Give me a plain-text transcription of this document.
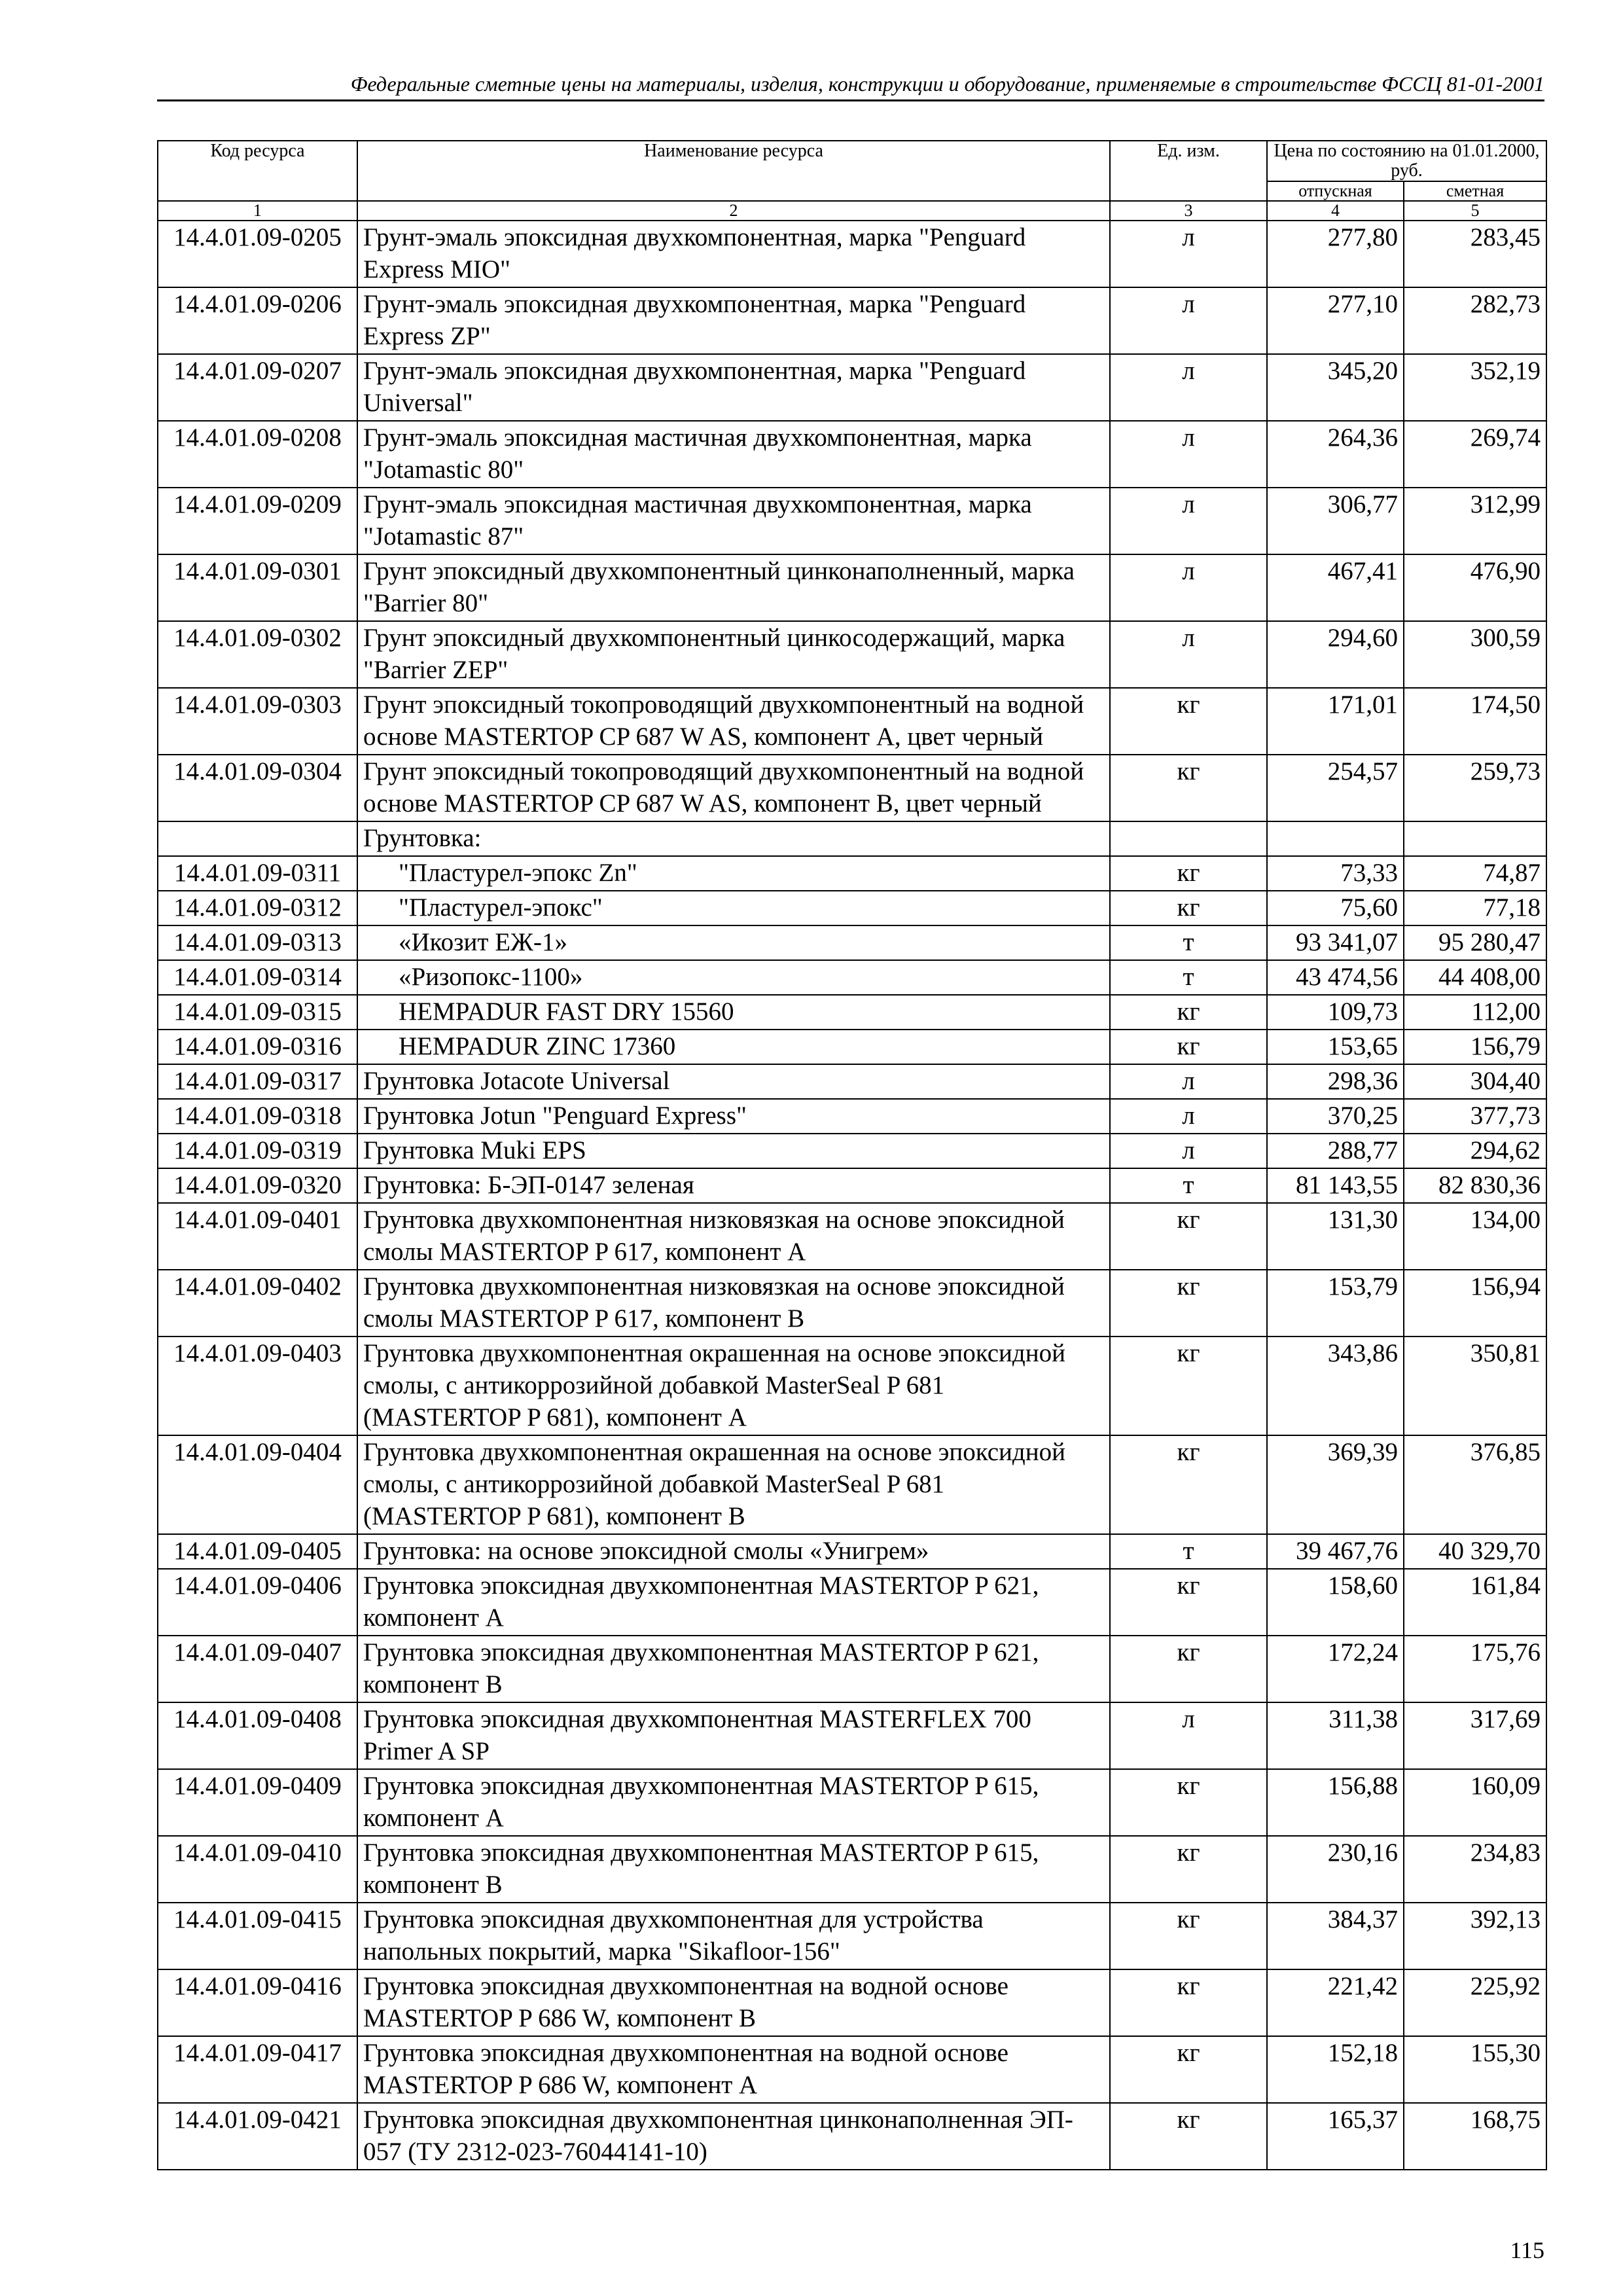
Федеральные сметные цены на материалы, изделия, конструкции и оборудование, применяемые в строительстве ФССЦ 81-01-2001
Код ресурса	Наименование ресурса	Ед. изм.	Цена по состоянию на 01.01.2000, руб.	
			отпускная	сметная
1	2	3	4	5
14.4.01.09-0205	Грунт-эмаль эпоксидная двухкомпонентная, марка "Penguard Express MIO"	л	277,80	283,45
14.4.01.09-0206	Грунт-эмаль эпоксидная двухкомпонентная, марка "Penguard Express ZP"	л	277,10	282,73
14.4.01.09-0207	Грунт-эмаль эпоксидная двухкомпонентная, марка "Penguard Universal"	л	345,20	352,19
14.4.01.09-0208	Грунт-эмаль эпоксидная мастичная двухкомпонентная, марка "Jotamastic 80"	л	264,36	269,74
14.4.01.09-0209	Грунт-эмаль эпоксидная мастичная двухкомпонентная, марка "Jotamastic 87"	л	306,77	312,99
14.4.01.09-0301	Грунт эпоксидный двухкомпонентный цинконаполненный, марка "Barrier 80"	л	467,41	476,90
14.4.01.09-0302	Грунт эпоксидный двухкомпонентный цинкосодержащий, марка "Barrier ZEP"	л	294,60	300,59
14.4.01.09-0303	Грунт эпоксидный токопроводящий двухкомпонентный на водной основе MASTERTOP CP 687 W AS, компонент А, цвет черный	кг	171,01	174,50
14.4.01.09-0304	Грунт эпоксидный токопроводящий двухкомпонентный на водной основе MASTERTOP CP 687 W AS, компонент В, цвет черный	кг	254,57	259,73
	Грунтовка:			
14.4.01.09-0311	"Пластурел-эпокс Zn"	кг	73,33	74,87
14.4.01.09-0312	"Пластурел-эпокс"	кг	75,60	77,18
14.4.01.09-0313	«Икозит ЕЖ-1»	т	93 341,07	95 280,47
14.4.01.09-0314	«Ризопокс-1100»	т	43 474,56	44 408,00
14.4.01.09-0315	HEMPADUR FAST DRY 15560	кг	109,73	112,00
14.4.01.09-0316	HEMPADUR ZINC 17360	кг	153,65	156,79
14.4.01.09-0317	Грунтовка Jotacote Universal	л	298,36	304,40
14.4.01.09-0318	Грунтовка Jotun "Penguard Express"	л	370,25	377,73
14.4.01.09-0319	Грунтовка Muki EPS	л	288,77	294,62
14.4.01.09-0320	Грунтовка: Б-ЭП-0147 зеленая	т	81 143,55	82 830,36
14.4.01.09-0401	Грунтовка двухкомпонентная низковязкая на основе эпоксидной смолы MASTERTOP P 617, компонент A	кг	131,30	134,00
14.4.01.09-0402	Грунтовка двухкомпонентная низковязкая на основе эпоксидной смолы MASTERTOP P 617, компонент B	кг	153,79	156,94
14.4.01.09-0403	Грунтовка двухкомпонентная окрашенная на основе эпоксидной смолы, с антикоррозийной добавкой MasterSeal P 681 (MASTERTOP P 681), компонент A	кг	343,86	350,81
14.4.01.09-0404	Грунтовка двухкомпонентная окрашенная на основе эпоксидной смолы, с антикоррозийной добавкой MasterSeal P 681 (MASTERTOP P 681), компонент В	кг	369,39	376,85
14.4.01.09-0405	Грунтовка: на основе эпоксидной смолы «Унигрем»	т	39 467,76	40 329,70
14.4.01.09-0406	Грунтовка эпоксидная двухкомпонентная MASTERTOP P 621, компонент A	кг	158,60	161,84
14.4.01.09-0407	Грунтовка эпоксидная двухкомпонентная MASTERTOP P 621, компонент B	кг	172,24	175,76
14.4.01.09-0408	Грунтовка эпоксидная двухкомпонентная MASTERFLEX 700 Primer A SP	л	311,38	317,69
14.4.01.09-0409	Грунтовка эпоксидная двухкомпонентная MASTERTOP P 615, компонент A	кг	156,88	160,09
14.4.01.09-0410	Грунтовка эпоксидная двухкомпонентная MASTERTOP P 615, компонент B	кг	230,16	234,83
14.4.01.09-0415	Грунтовка эпоксидная двухкомпонентная для устройства напольных покрытий, марка "Sikafloor-156"	кг	384,37	392,13
14.4.01.09-0416	Грунтовка эпоксидная двухкомпонентная на водной основе MASTERTOP P 686 W, компонент B	кг	221,42	225,92
14.4.01.09-0417	Грунтовка эпоксидная двухкомпонентная на водной основе MASTERTOP P 686 W, компонент A	кг	152,18	155,30
14.4.01.09-0421	Грунтовка эпоксидная двухкомпонентная цинконаполненная ЭП- 057 (ТУ 2312-023-76044141-10)	кг	165,37	168,75
115
